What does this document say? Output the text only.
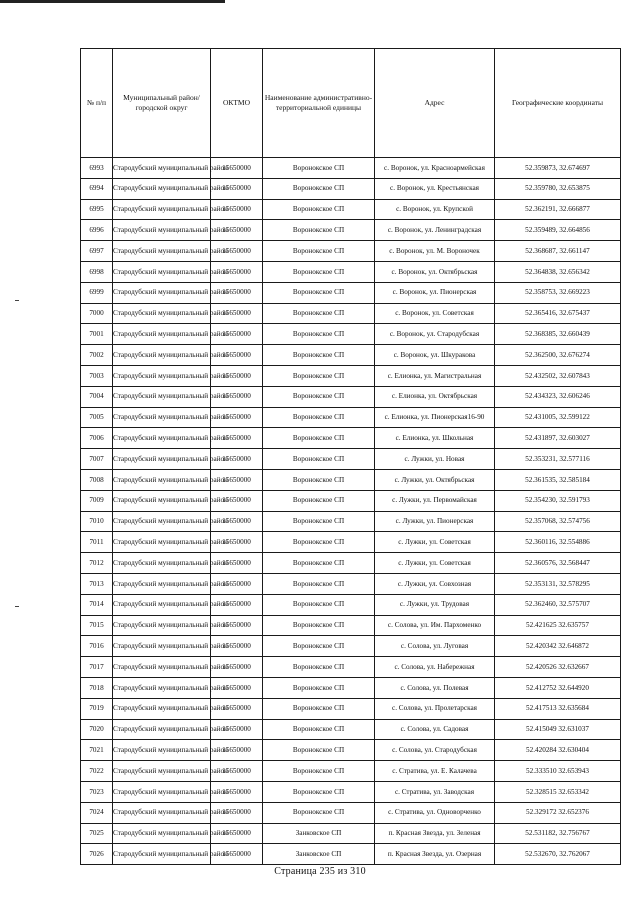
№ п/п	Муниципальный район/городской округ	ОКТМО	Наименование административно-территориальной единицы	Адрес	Географические координаты
6993	Стародубский муниципальный район	15650000	Воронокское СП	с. Воронок, ул. Красноармейская	52.359873, 32.674697
6994	Стародубский муниципальный район	15650000	Воронокское СП	с. Воронок, ул. Крестьянская	52.359780, 32.653875
6995	Стародубский муниципальный район	15650000	Воронокское СП	с. Воронок, ул. Крупской	52.362191, 32.666877
6996	Стародубский муниципальный район	15650000	Воронокское СП	с. Воронок, ул. Ленинградская	52.359489, 32.664856
6997	Стародубский муниципальный район	15650000	Воронокское СП	с. Воронок, ул. М. Вороночек	52.368687, 32.661147
6998	Стародубский муниципальный район	15650000	Воронокское СП	с. Воронок, ул. Октябрьская	52.364838, 32.656342
6999	Стародубский муниципальный район	15650000	Воронокское СП	с. Воронок, ул. Пионерская	52.358753, 32.669223
7000	Стародубский муниципальный район	15650000	Воронокское СП	с. Воронок, ул. Советская	52.365416, 32.675437
7001	Стародубский муниципальный район	15650000	Воронокское СП	с. Воронок, ул. Стародубская	52.368385, 32.660439
7002	Стародубский муниципальный район	15650000	Воронокское СП	с. Воронок, ул. Шкуракова	52.362500, 32.676274
7003	Стародубский муниципальный район	15650000	Воронокское СП	с. Елионка, ул. Магистральная	52.432502, 32.607843
7004	Стародубский муниципальный район	15650000	Воронокское СП	с. Елионка, ул. Октябрьская	52.434323, 32.606246
7005	Стародубский муниципальный район	15650000	Воронокское СП	с. Елионка, ул. Пионерская16-90	52.431005, 32.599122
7006	Стародубский муниципальный район	15650000	Воронокское СП	с. Елионка, ул. Школьная	52.431897, 32.603027
7007	Стародубский муниципальный район	15650000	Воронокское СП	с. Лужки, ул. Новая	52.353231, 32.577116
7008	Стародубский муниципальный район	15650000	Воронокское СП	с. Лужки, ул. Октябрьская	52.361535, 32.585184
7009	Стародубский муниципальный район	15650000	Воронокское СП	с. Лужки, ул. Первомайская	52.354230, 32.591793
7010	Стародубский муниципальный район	15650000	Воронокское СП	с. Лужки, ул. Пионерская	52.357068, 32.574756
7011	Стародубский муниципальный район	15650000	Воронокское СП	с. Лужки, ул. Советская	52.360116, 32.554886
7012	Стародубский муниципальный район	15650000	Воронокское СП	с. Лужки, ул. Советская	52.360576, 32.568447
7013	Стародубский муниципальный район	15650000	Воронокское СП	с. Лужки, ул. Совхозная	52.353131, 32.578295
7014	Стародубский муниципальный район	15650000	Воронокское СП	с. Лужки, ул. Трудовая	52.362460, 32.575707
7015	Стародубский муниципальный район	15650000	Воронокское СП	с. Солова, ул. Им. Пархоменко	52.421625 32.635757
7016	Стародубский муниципальный район	15650000	Воронокское СП	с. Солова, ул. Луговая	52.420342 32.646872
7017	Стародубский муниципальный район	15650000	Воронокское СП	с. Солова, ул. Набережная	52.420526 32.632667
7018	Стародубский муниципальный район	15650000	Воронокское СП	с. Солова, ул. Полевая	52.412752 32.644920
7019	Стародубский муниципальный район	15650000	Воронокское СП	с. Солова, ул. Пролетарская	52.417513 32.635684
7020	Стародубский муниципальный район	15650000	Воронокское СП	с. Солова, ул. Садовая	52.415049 32.631037
7021	Стародубский муниципальный район	15650000	Воронокское СП	с. Солова, ул. Стародубская	52.420284 32.630404
7022	Стародубский муниципальный район	15650000	Воронокское СП	с. Стратива, ул. Е. Калачева	52.333510 32.653943
7023	Стародубский муниципальный район	15650000	Воронокское СП	с. Стратива, ул. Заводская	52.328515 32.653342
7024	Стародубский муниципальный район	15650000	Воронокское СП	с. Стратива, ул. Одноворченко	52.329172 32.652376
7025	Стародубский муниципальный район	15650000	Занковское СП	п. Красная Звезда, ул. Зеленая	52.531182, 32.756767
7026	Стародубский муниципальный район	15650000	Занковское СП	п. Красная Звезда, ул. Озерная	52.532670, 32.762067
Страница 235 из 310
